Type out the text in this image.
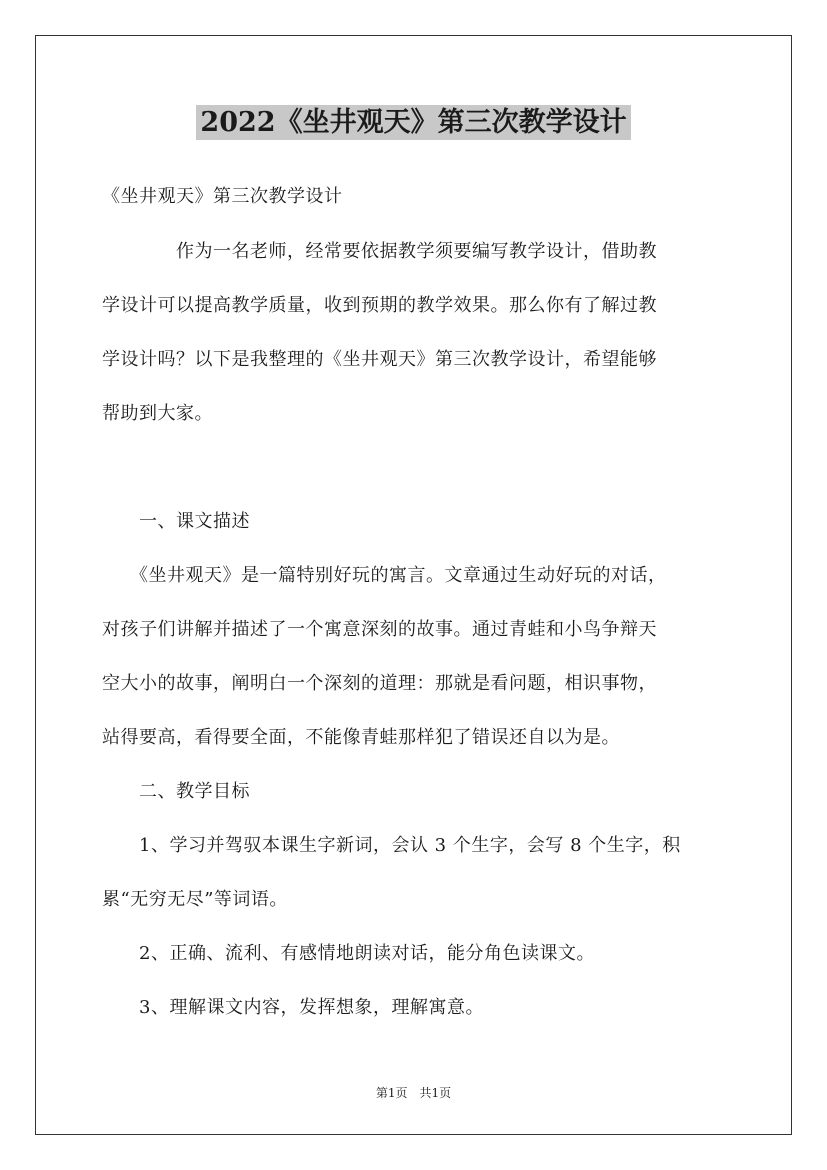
2022《坐井观天》第三次教学设计
《坐井观天》第三次教学设计
　　　　作为一名老师，经常要依据教学须要编写教学设计，借助教
学设计可以提高教学质量，收到预期的教学效果。那么你有了解过教
学设计吗？以下是我整理的《坐井观天》第三次教学设计，希望能够
帮助到大家。
　　一、课文描述
　　《坐井观天》是一篇特别好玩的寓言。文章通过生动好玩的对话，
对孩子们讲解并描述了一个寓意深刻的故事。通过青蛙和小鸟争辩天
空大小的故事，阐明白一个深刻的道理：那就是看问题，相识事物，
站得要高，看得要全面，不能像青蛙那样犯了错误还自以为是。
　　二、教学目标
　　1、学习并驾驭本课生字新词，会认 3 个生字，会写 8 个生字，积
累“无穷无尽”等词语。
　　2、正确、流利、有感情地朗读对话，能分角色读课文。
　　3、理解课文内容，发挥想象，理解寓意。
第1页　共1页
